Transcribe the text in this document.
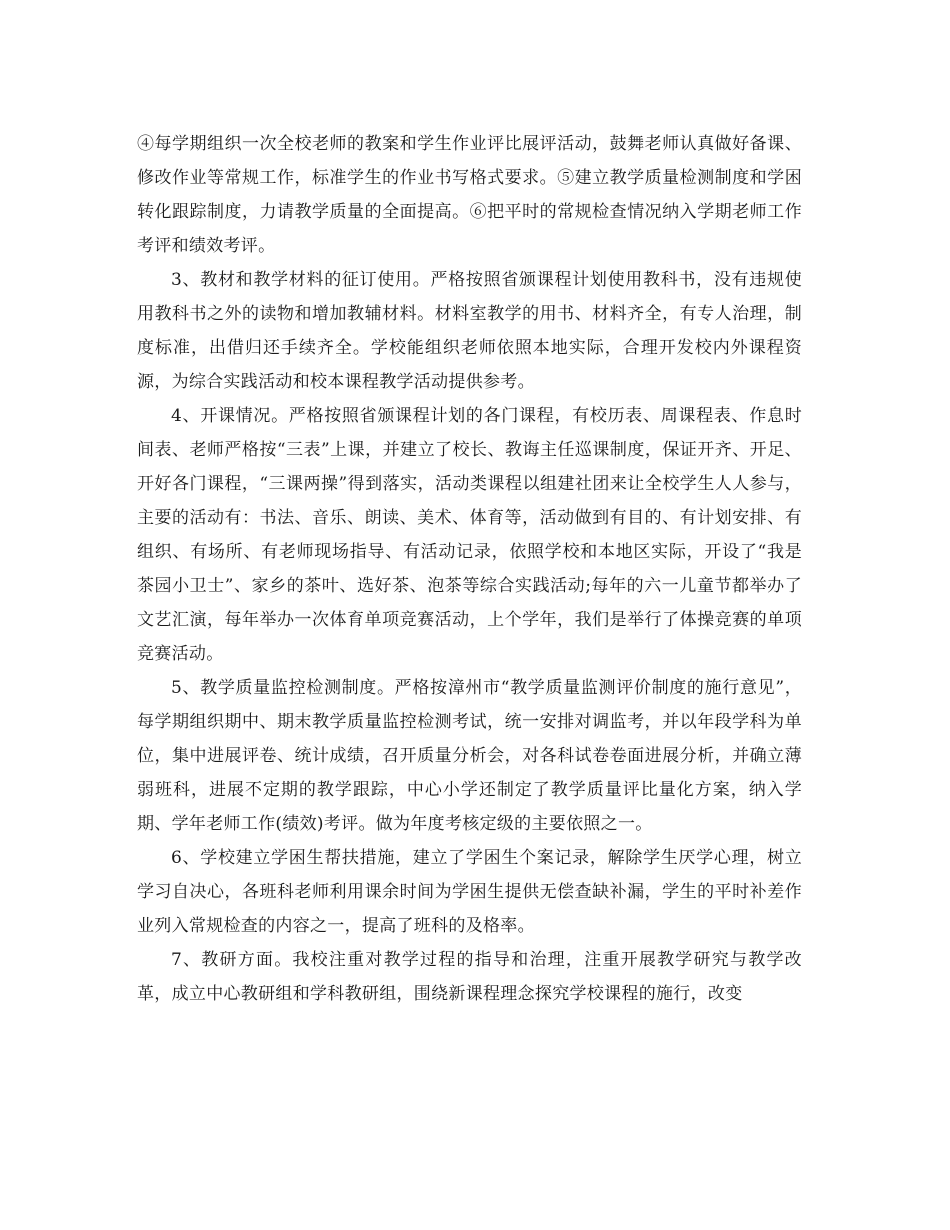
④每学期组织一次全校老师的教案和学生作业评比展评活动，鼓舞老师认真做好备课、修改作业等常规工作，标准学生的作业书写格式要求。⑤建立教学质量检测制度和学困转化跟踪制度，力请教学质量的全面提高。⑥把平时的常规检查情况纳入学期老师工作考评和绩效考评。

3、教材和教学材料的征订使用。严格按照省颁课程计划使用教科书，没有违规使用教科书之外的读物和增加教辅材料。材料室教学的用书、材料齐全，有专人治理，制度标准，出借归还手续齐全。学校能组织老师依照本地实际，合理开发校内外课程资源，为综合实践活动和校本课程教学活动提供参考。

4、开课情况。严格按照省颁课程计划的各门课程，有校历表、周课程表、作息时间表、老师严格按“三表”上课，并建立了校长、教诲主任巡课制度，保证开齐、开足、开好各门课程，“三课两操”得到落实，活动类课程以组建社团来让全校学生人人参与，主要的活动有：书法、音乐、朗读、美术、体育等，活动做到有目的、有计划安排、有组织、有场所、有老师现场指导、有活动记录，依照学校和本地区实际，开设了“我是茶园小卫士”、家乡的茶叶、选好茶、泡茶等综合实践活动;每年的六一儿童节都举办了文艺汇演，每年举办一次体育单项竞赛活动，上个学年，我们是举行了体操竞赛的单项竞赛活动。

5、教学质量监控检测制度。严格按漳州市“教学质量监测评价制度的施行意见”，每学期组织期中、期末教学质量监控检测考试，统一安排对调监考，并以年段学科为单位，集中进展评卷、统计成绩，召开质量分析会，对各科试卷卷面进展分析，并确立薄弱班科，进展不定期的教学跟踪，中心小学还制定了教学质量评比量化方案，纳入学期、学年老师工作(绩效)考评。做为年度考核定级的主要依照之一。

6、学校建立学困生帮扶措施，建立了学困生个案记录，解除学生厌学心理，树立学习自决心，各班科老师利用课余时间为学困生提供无偿查缺补漏，学生的平时补差作业列入常规检查的内容之一，提高了班科的及格率。

7、教研方面。我校注重对教学过程的指导和治理，注重开展教学研究与教学改革，成立中心教研组和学科教研组，围绕新课程理念探究学校课程的施行，改变
